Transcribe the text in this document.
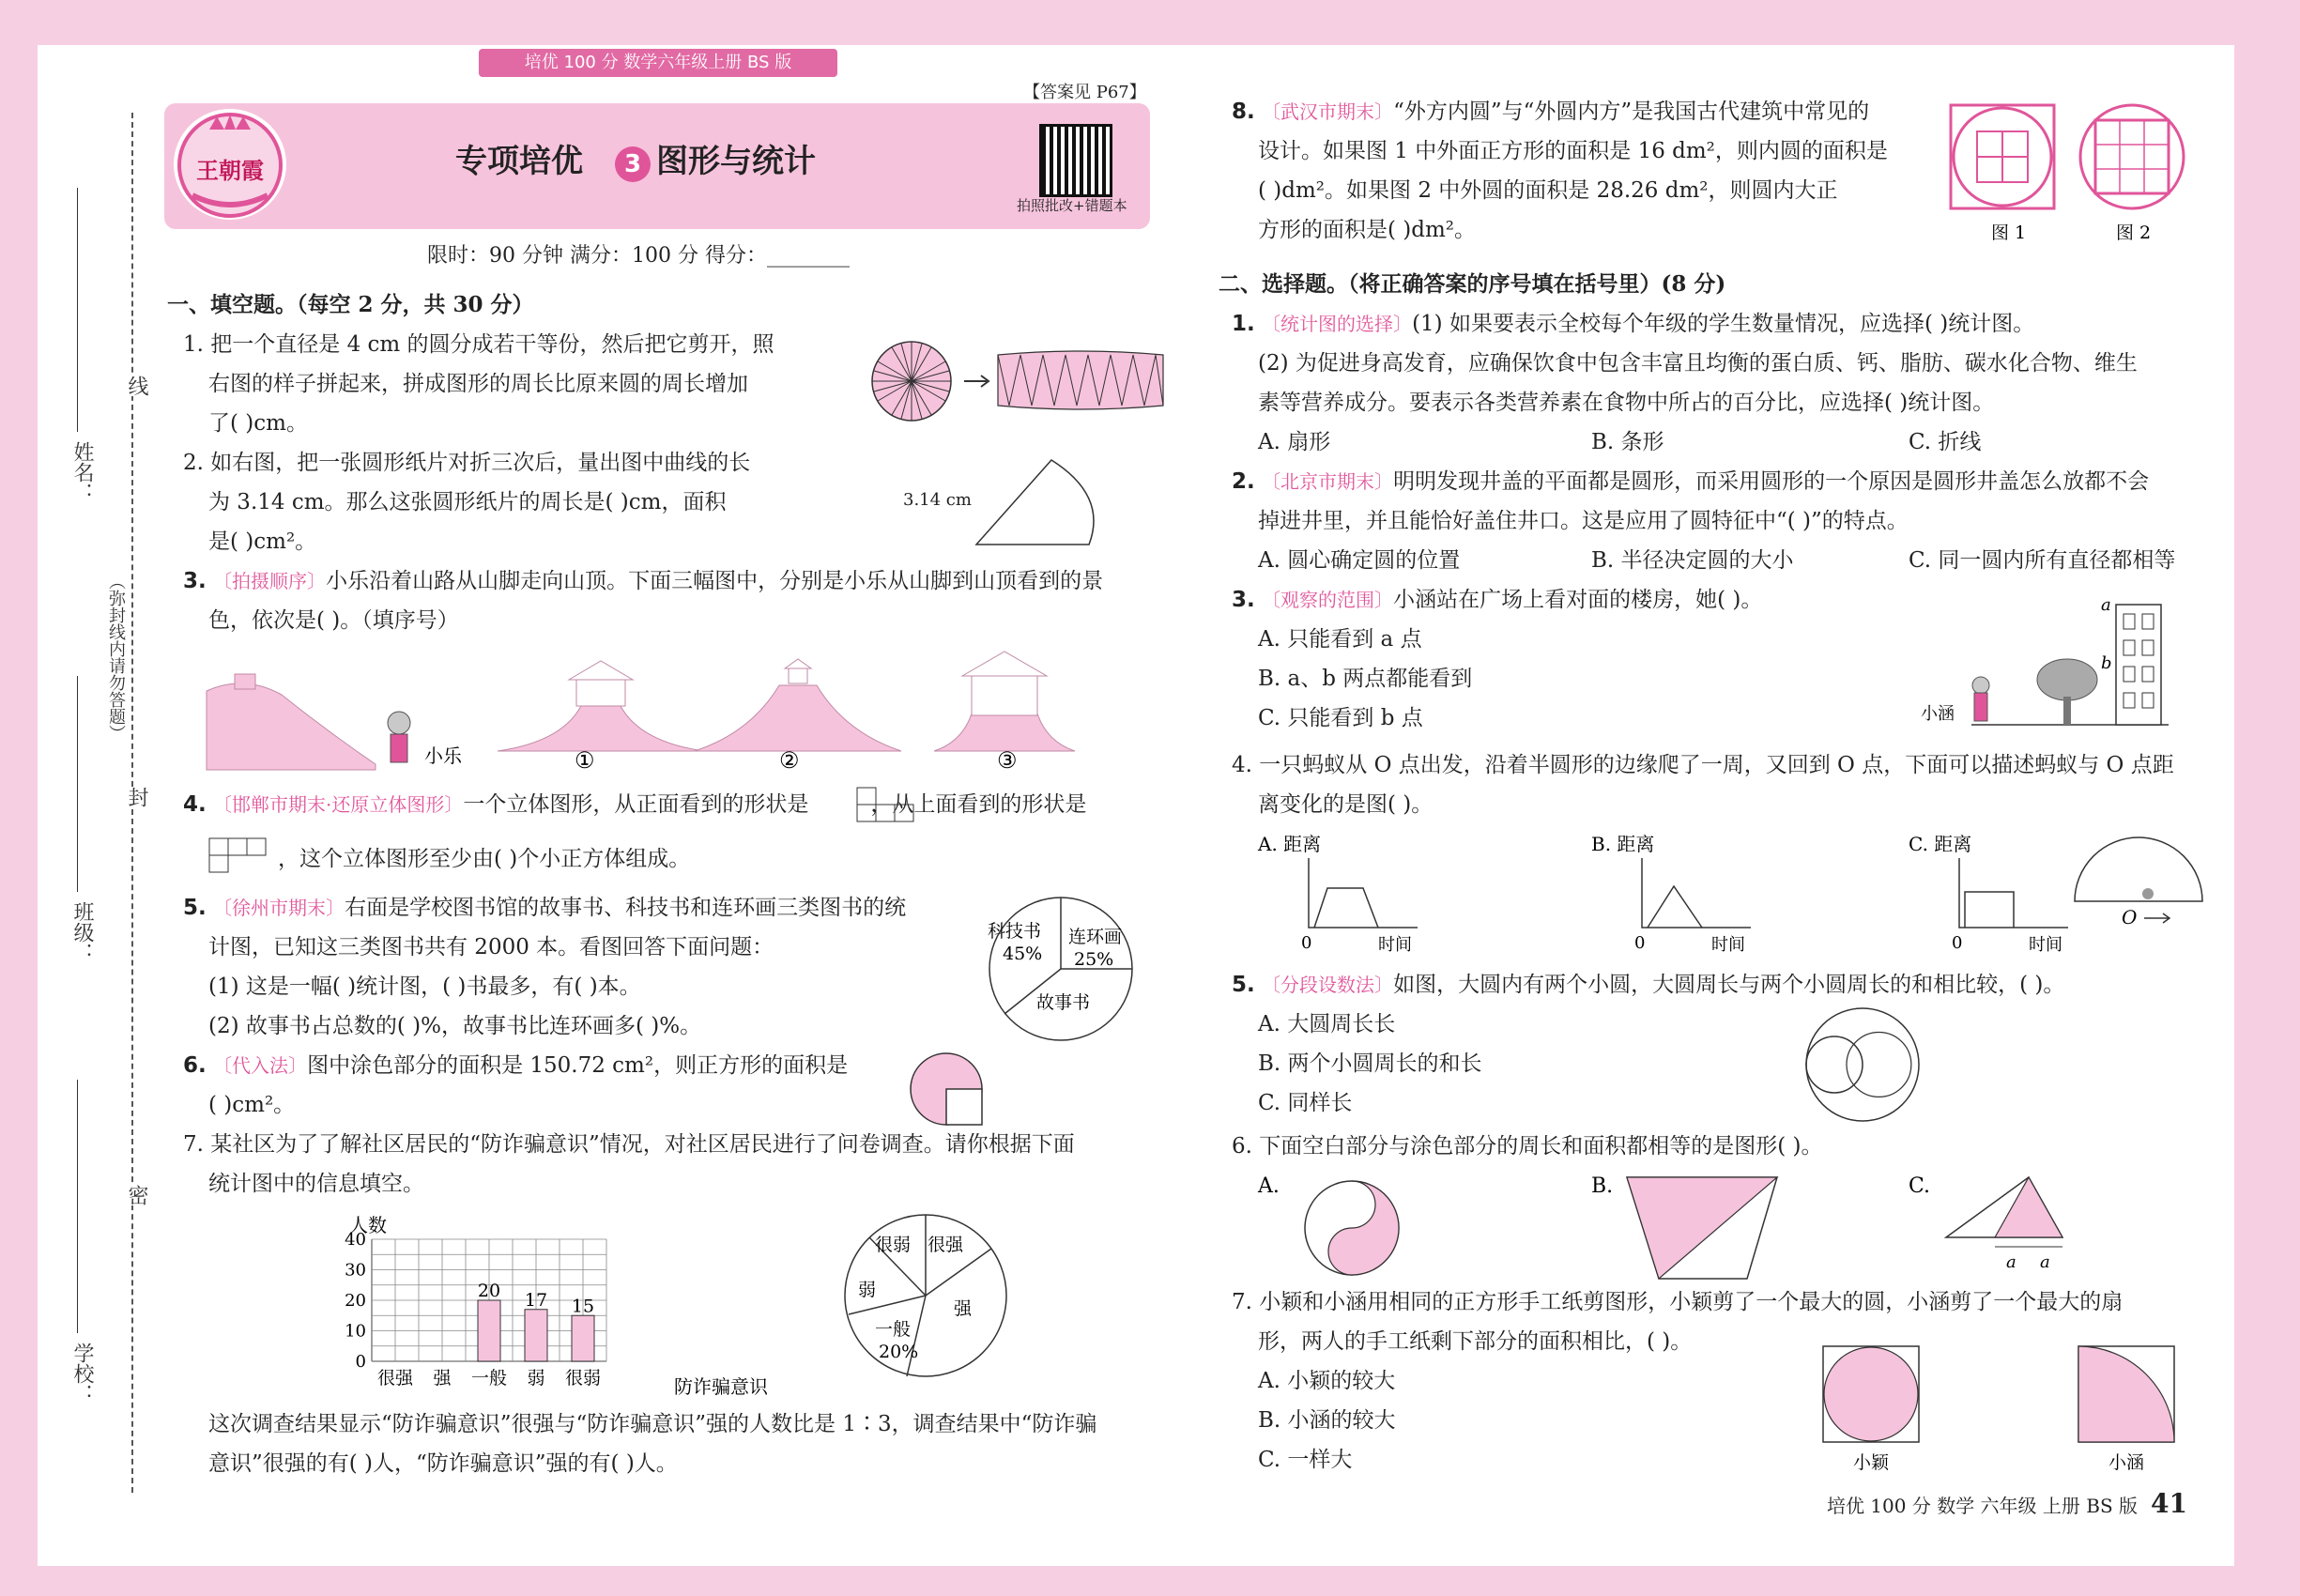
培优 100 分 数学六年级上册 BS 版
【答案见 P67】
王朝霞	专项培优 3 图形与统计
拍照批改+错题本
限时：90 分钟 满分：100 分 得分：________
姓名：
线
（弥封线内请勿答题）
封
班级：
密
学校：
一、填空题。（每空 2 分，共 30 分）
1. 把一个直径是 4 cm 的圆分成若干等份，然后把它剪开，照
右图的样子拼起来，拼成图形的周长比原来圆的周长增加
了( )cm。
2. 如右图，把一张圆形纸片对折三次后，量出图中曲线的长
为 3.14 cm。那么这张圆形纸片的周长是( )cm，面积
是( )cm²。
3.14 cm
3. 〔拍摄顺序〕小乐沿着山路从山脚走向山顶。下面三幅图中，分别是小乐从山脚到山顶看到的景
色，依次是( )。（填序号）
小乐	①	②	③
4. 〔邯郸市期末·还原立体图形〕一个立体图形，从正面看到的形状是	，从上面看到的形状是
，这个立体图形至少由( )个小正方体组成。
5. 〔徐州市期末〕右面是学校图书馆的故事书、科技书和连环画三类图书的统
计图，已知这三类图书共有 2000 本。看图回答下面问题：
(1) 这是一幅( )统计图，( )书最多，有( )本。
(2) 故事书占总数的( )%，故事书比连环画多( )%。
科技书
45%
连环画
25%
故事书
6. 〔代入法〕图中涂色部分的面积是 150.72 cm²，则正方形的面积是
( )cm²。
7. 某社区为了了解社区居民的“防诈骗意识”情况，对社区居民进行了问卷调查。请你根据下面
统计图中的信息填空。
人数
20 17 15
0
10
20
30
40
很强 强 一般 弱 很弱	防诈骗意识
很弱 很强
弱
强
一般
20%
这次调查结果显示“防诈骗意识”很强与“防诈骗意识”强的人数比是 1∶3，调查结果中“防诈骗
意识”很强的有( )人，“防诈骗意识”强的有( )人。
8. 〔武汉市期末〕“外方内圆”与“外圆内方”是我国古代建筑中常见的
设计。如果图 1 中外面正方形的面积是 16 dm²，则内圆的面积是
( )dm²。如果图 2 中外圆的面积是 28.26 dm²，则圆内大正
方形的面积是( )dm²。	图 1	图 2
二、选择题。（将正确答案的序号填在括号里）(8 分)
1. 〔统计图的选择〕(1) 如果要表示全校每个年级的学生数量情况，应选择( )统计图。
(2) 为促进身高发育，应确保饮食中包含丰富且均衡的蛋白质、钙、脂肪、碳水化合物、维生
素等营养成分。要表示各类营养素在食物中所占的百分比，应选择( )统计图。
A. 扇形	B. 条形	C. 折线
2. 〔北京市期末〕明明发现井盖的平面都是圆形，而采用圆形的一个原因是圆形井盖怎么放都不会
掉进井里，并且能恰好盖住井口。这是应用了圆特征中“( )”的特点。
A. 圆心确定圆的位置	B. 半径决定圆的大小	C. 同一圆内所有直径都相等
3. 〔观察的范围〕小涵站在广场上看对面的楼房，她( )。
A. 只能看到 a 点
B. a、b 两点都能看到
C. 只能看到 b 点
a
b
小涵
4. 一只蚂蚁从 O 点出发，沿着半圆形的边缘爬了一周，又回到 O 点，下面可以描述蚂蚁与 O 点距
离变化的是图( )。
A. 距离
0	时间
B. 距离
0	时间
C. 距离
0	时间
O
5. 〔分段设数法〕如图，大圆内有两个小圆，大圆周长与两个小圆周长的和相比较，( )。
A. 大圆周长长
B. 两个小圆周长的和长
C. 同样长
6. 下面空白部分与涂色部分的周长和面积都相等的是图形( )。
A.	B.	C.
a a
7. 小颖和小涵用相同的正方形手工纸剪图形，小颖剪了一个最大的圆，小涵剪了一个最大的扇
形，两人的手工纸剩下部分的面积相比，( )。
A. 小颖的较大
B. 小涵的较大
C. 一样大	小颖	小涵
培优 100 分 数学 六年级 上册 BS 版 41
